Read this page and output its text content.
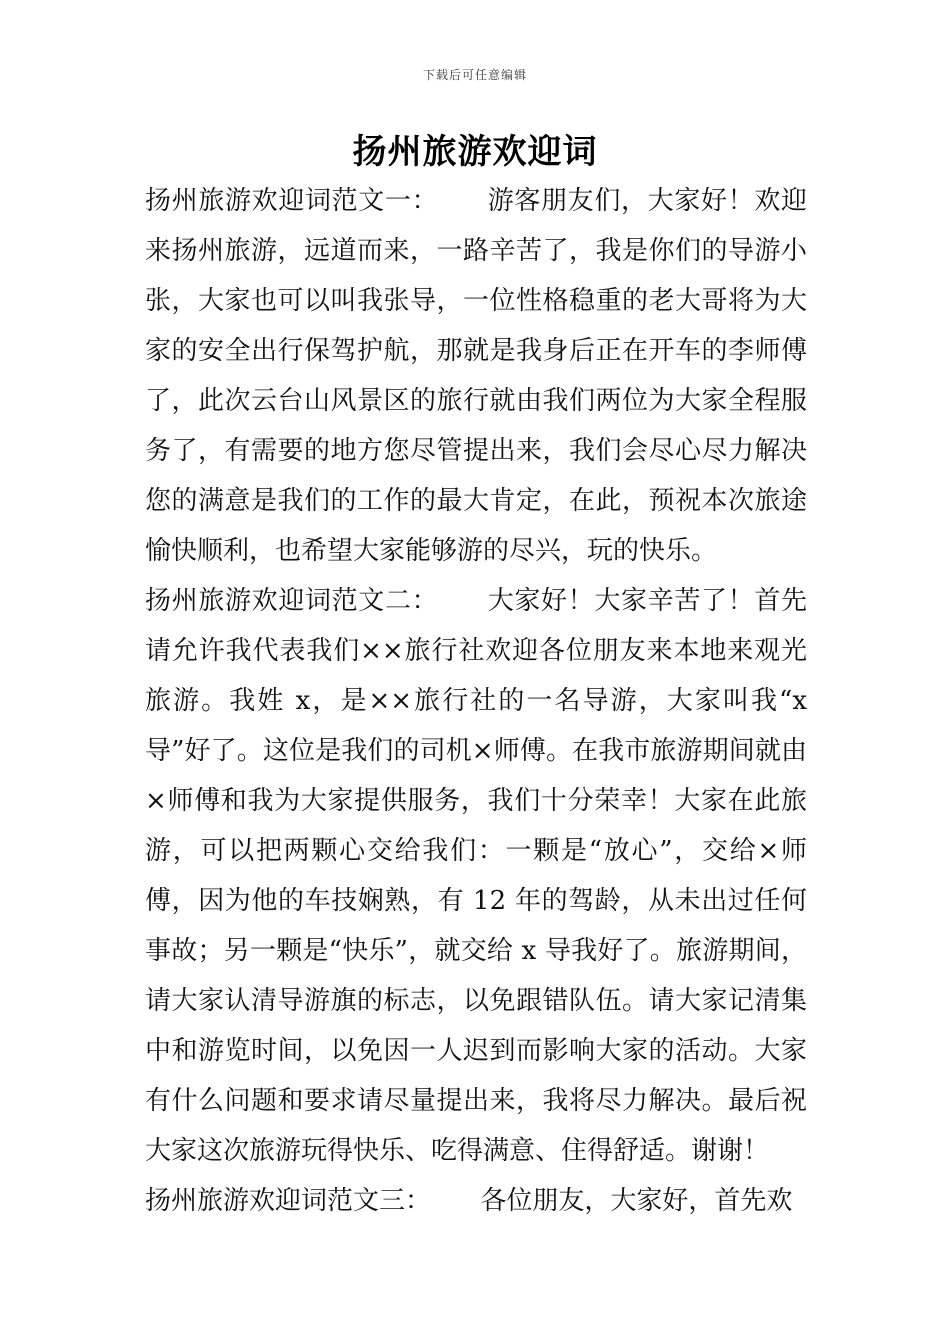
下载后可任意编辑
扬州旅游欢迎词

扬州旅游欢迎词范文一： 游客朋友们，大家好！欢迎来扬州旅游，远道而来，一路辛苦了，我是你们的导游小张，大家也可以叫我张导，一位性格稳重的老大哥将为大家的安全出行保驾护航，那就是我身后正在开车的李师傅了，此次云台山风景区的旅行就由我们两位为大家全程服务了，有需要的地方您尽管提出来，我们会尽心尽力解决您的满意是我们的工作的最大肯定，在此，预祝本次旅途愉快顺利，也希望大家能够游的尽兴，玩的快乐。

扬州旅游欢迎词范文二： 大家好！大家辛苦了！首先请允许我代表我们××旅行社欢迎各位朋友来本地来观光旅游。我姓 x，是××旅行社的一名导游，大家叫我“x 导”好了。这位是我们的司机×师傅。在我市旅游期间就由×师傅和我为大家提供服务，我们十分荣幸！大家在此旅游，可以把两颗心交给我们：一颗是“放心”，交给×师傅，因为他的车技娴熟，有 12 年的驾龄，从未出过任何事故；另一颗是“快乐”，就交给 x 导我好了。旅游期间，请大家认清导游旗的标志，以免跟错队伍。请大家记清集中和游览时间，以免因一人迟到而影响大家的活动。大家有什么问题和要求请尽量提出来，我将尽力解决。最后祝大家这次旅游玩得快乐、吃得满意、住得舒适。谢谢！

扬州旅游欢迎词范文三： 各位朋友，大家好，首先欢
